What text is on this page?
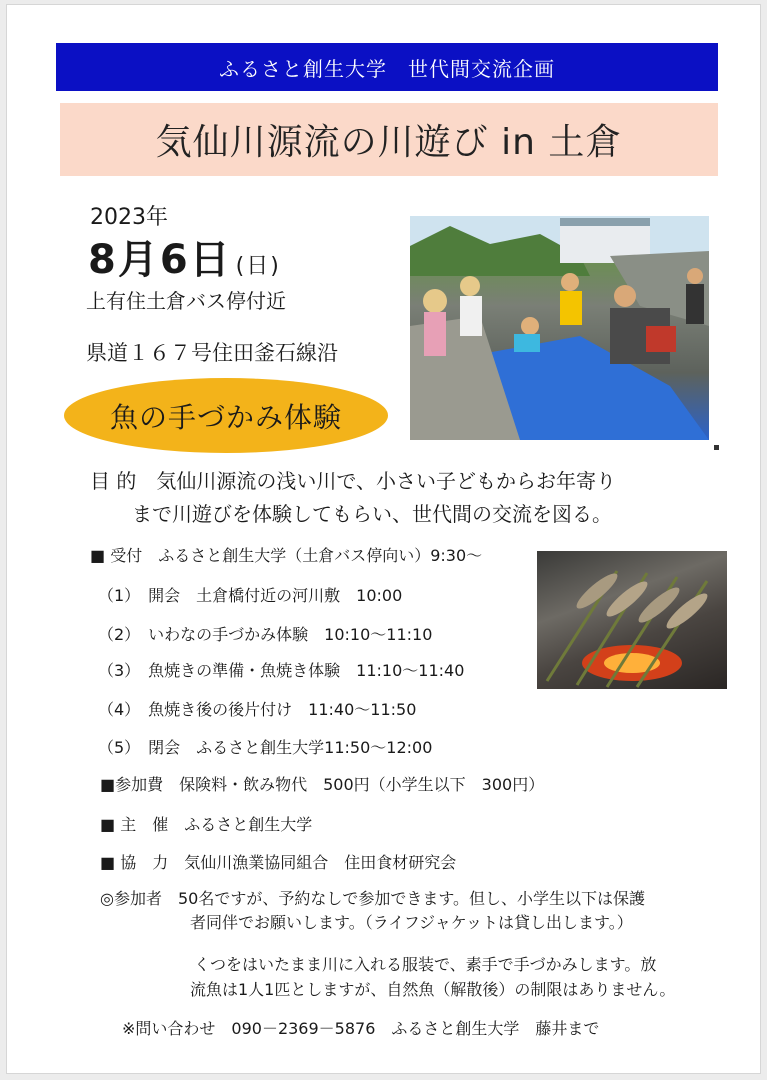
ふるさと創生大学　世代間交流企画
気仙川源流の川遊び in 土倉
2023年
8月6日 (日)
上有住土倉バス停付近
県道１６７号住田釜石線沿
魚の手づかみ体験
目 的　気仙川源流の浅い川で、小さい子どもからお年寄り
まで川遊びを体験してもらい、世代間の交流を図る。
■ 受付　ふるさと創生大学（土倉バス停向い）9:30〜
（1）　開会　土倉橋付近の河川敷　10:00
（2）　いわなの手づかみ体験　10:10〜11:10
（3）　魚焼きの準備・魚焼き体験　11:10〜11:40
（4）　魚焼き後の後片付け　11:40〜11:50
（5）　閉会　ふるさと創生大学11:50〜12:00
■参加費　保険料・飲み物代　500円（小学生以下　300円）
■ 主　催　ふるさと創生大学
■ 協　力　気仙川漁業協同組合　住田食材研究会
◎参加者　50名ですが、予約なしで参加できます。但し、小学生以下は保護
者同伴でお願いします。（ライフジャケットは貸し出します。）
くつをはいたまま川に入れる服装で、素手で手づかみします。放
流魚は1人1匹としますが、自然魚（解散後）の制限はありません。
※問い合わせ　090－2369－5876　ふるさと創生大学　藤井まで
